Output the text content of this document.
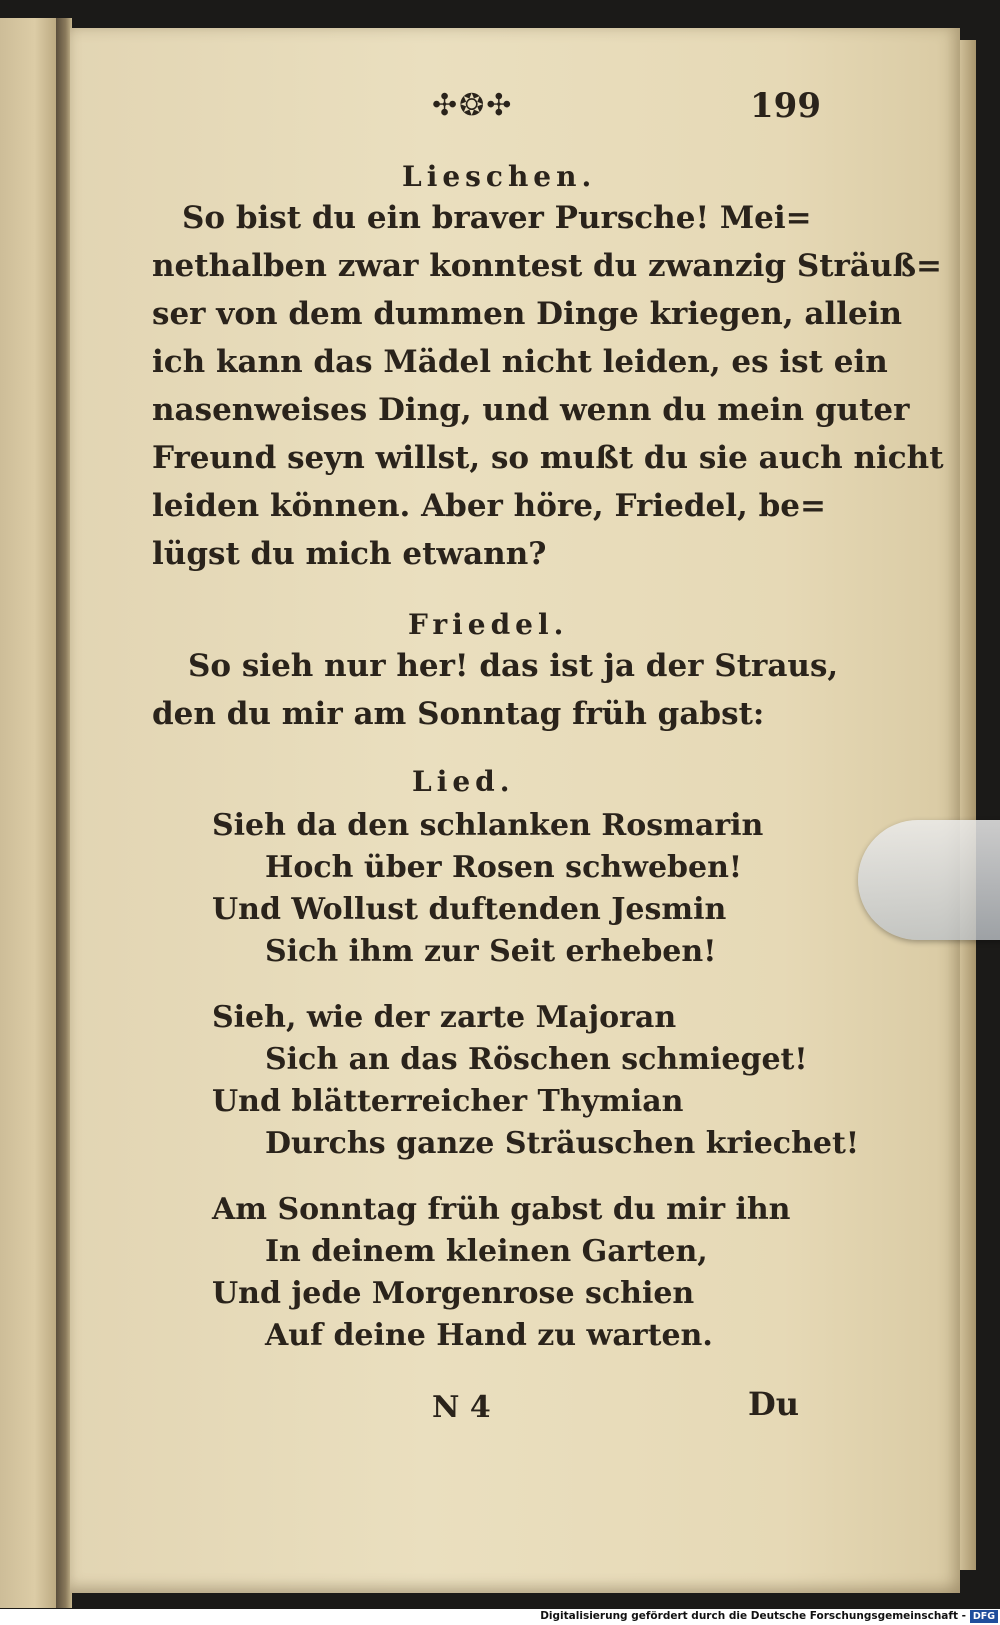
✣❂✣	199
Lieschen.
So bist du ein braver Pursche! Mei=
nethalben zwar konntest du zwanzig Sträuß=
ser von dem dummen Dinge kriegen, allein
ich kann das Mädel nicht leiden, es ist ein
nasenweises Ding, und wenn du mein guter
Freund seyn willst, so mußt du sie auch nicht
leiden können. Aber höre, Friedel, be=
lügst du mich etwann?
Friedel.
So sieh nur her! das ist ja der Straus,
den du mir am Sonntag früh gabst:
Lied.
Sieh da den schlanken Rosmarin
Hoch über Rosen schweben!
Und Wollust duftenden Jesmin
Sich ihm zur Seit erheben!
Sieh, wie der zarte Majoran
Sich an das Röschen schmieget!
Und blätterreicher Thymian
Durchs ganze Sträuschen kriechet!
Am Sonntag früh gabst du mir ihn
In deinem kleinen Garten,
Und jede Morgenrose schien
Auf deine Hand zu warten.
N 4	Du
Digitalisierung gefördert durch die Deutsche Forschungsgemeinschaft - DFG
